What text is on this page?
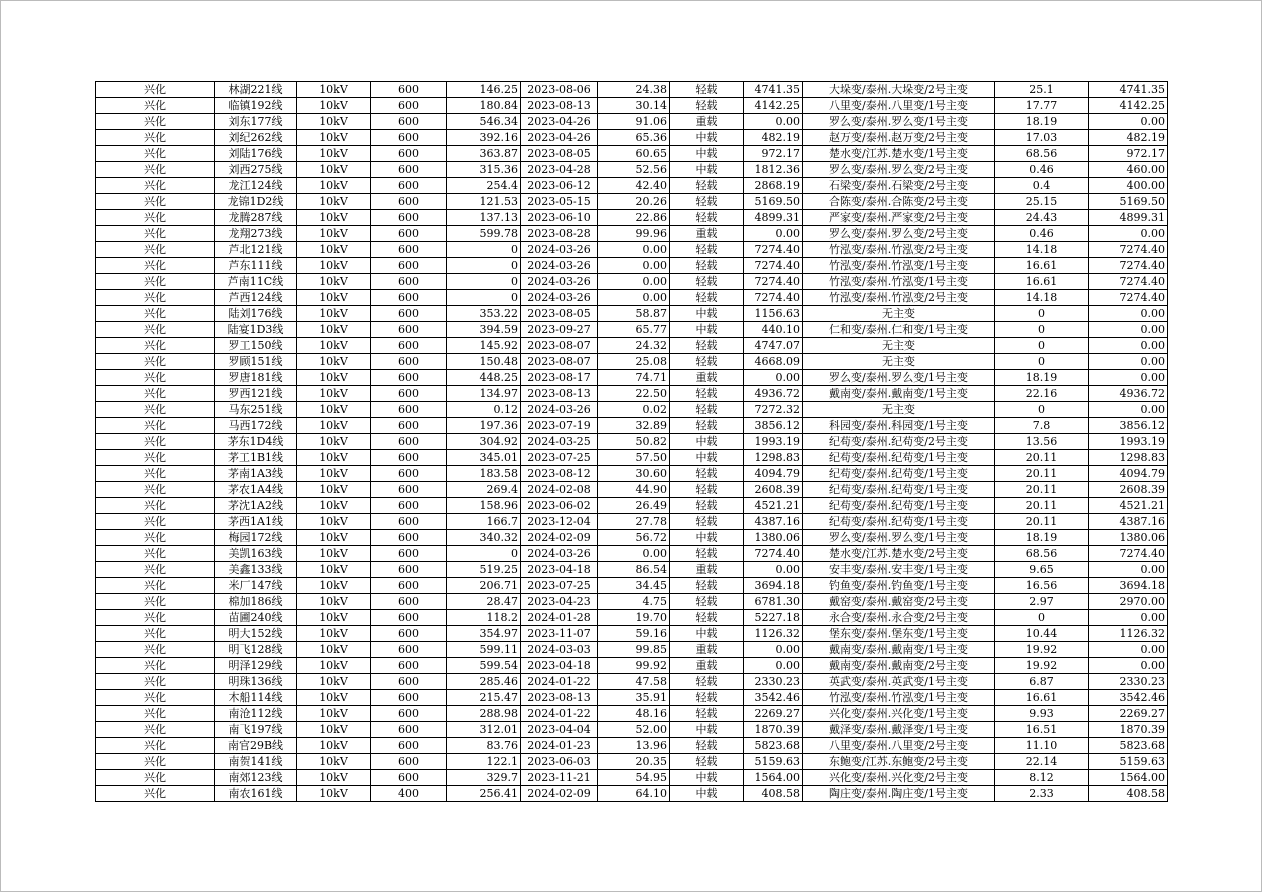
兴化	林湖221线	10kV	600	146.25	2023-08-06	24.38	轻载	4741.35	大垛变/泰州.大垛变/2号主变	25.1	4741.35
兴化	临镇192线	10kV	600	180.84	2023-08-13	30.14	轻载	4142.25	八里变/泰州.八里变/1号主变	17.77	4142.25
兴化	刘东177线	10kV	600	546.34	2023-04-26	91.06	重载	0.00	罗么变/泰州.罗么变/1号主变	18.19	0.00
兴化	刘纪262线	10kV	600	392.16	2023-04-26	65.36	中载	482.19	赵万变/泰州.赵万变/2号主变	17.03	482.19
兴化	刘陆176线	10kV	600	363.87	2023-08-05	60.65	中载	972.17	楚水变/江苏.楚水变/1号主变	68.56	972.17
兴化	刘西275线	10kV	600	315.36	2023-04-28	52.56	中载	1812.36	罗么变/泰州.罗么变/2号主变	0.46	460.00
兴化	龙江124线	10kV	600	254.4	2023-06-12	42.40	轻载	2868.19	石梁变/泰州.石梁变/2号主变	0.4	400.00
兴化	龙锦1D2线	10kV	600	121.53	2023-05-15	20.26	轻载	5169.50	合陈变/泰州.合陈变/2号主变	25.15	5169.50
兴化	龙腾287线	10kV	600	137.13	2023-06-10	22.86	轻载	4899.31	严家变/泰州.严家变/2号主变	24.43	4899.31
兴化	龙翔273线	10kV	600	599.78	2023-08-28	99.96	重载	0.00	罗么变/泰州.罗么变/2号主变	0.46	0.00
兴化	芦北121线	10kV	600	0	2024-03-26	0.00	轻载	7274.40	竹泓变/泰州.竹泓变/2号主变	14.18	7274.40
兴化	芦东111线	10kV	600	0	2024-03-26	0.00	轻载	7274.40	竹泓变/泰州.竹泓变/1号主变	16.61	7274.40
兴化	芦南11C线	10kV	600	0	2024-03-26	0.00	轻载	7274.40	竹泓变/泰州.竹泓变/1号主变	16.61	7274.40
兴化	芦西124线	10kV	600	0	2024-03-26	0.00	轻载	7274.40	竹泓变/泰州.竹泓变/2号主变	14.18	7274.40
兴化	陆刘176线	10kV	600	353.22	2023-08-05	58.87	中载	1156.63	无主变	0	0.00
兴化	陆宴1D3线	10kV	600	394.59	2023-09-27	65.77	中载	440.10	仁和变/泰州.仁和变/1号主变	0	0.00
兴化	罗工150线	10kV	600	145.92	2023-08-07	24.32	轻载	4747.07	无主变	0	0.00
兴化	罗顾151线	10kV	600	150.48	2023-08-07	25.08	轻载	4668.09	无主变	0	0.00
兴化	罗唐181线	10kV	600	448.25	2023-08-17	74.71	重载	0.00	罗么变/泰州.罗么变/1号主变	18.19	0.00
兴化	罗西121线	10kV	600	134.97	2023-08-13	22.50	轻载	4936.72	戴南变/泰州.戴南变/1号主变	22.16	4936.72
兴化	马东251线	10kV	600	0.12	2024-03-26	0.02	轻载	7272.32	无主变	0	0.00
兴化	马西172线	10kV	600	197.36	2023-07-19	32.89	轻载	3856.12	科园变/泰州.科园变/1号主变	7.8	3856.12
兴化	茅东1D4线	10kV	600	304.92	2024-03-25	50.82	中载	1993.19	纪苟变/泰州.纪苟变/2号主变	13.56	1993.19
兴化	茅工1B1线	10kV	600	345.01	2023-07-25	57.50	中载	1298.83	纪苟变/泰州.纪苟变/1号主变	20.11	1298.83
兴化	茅南1A3线	10kV	600	183.58	2023-08-12	30.60	轻载	4094.79	纪苟变/泰州.纪苟变/1号主变	20.11	4094.79
兴化	茅农1A4线	10kV	600	269.4	2024-02-08	44.90	轻载	2608.39	纪苟变/泰州.纪苟变/1号主变	20.11	2608.39
兴化	茅沈1A2线	10kV	600	158.96	2023-06-02	26.49	轻载	4521.21	纪苟变/泰州.纪苟变/1号主变	20.11	4521.21
兴化	茅西1A1线	10kV	600	166.7	2023-12-04	27.78	轻载	4387.16	纪苟变/泰州.纪苟变/1号主变	20.11	4387.16
兴化	梅园172线	10kV	600	340.32	2024-02-09	56.72	中载	1380.06	罗么变/泰州.罗么变/1号主变	18.19	1380.06
兴化	美凯163线	10kV	600	0	2024-03-26	0.00	轻载	7274.40	楚水变/江苏.楚水变/2号主变	68.56	7274.40
兴化	美鑫133线	10kV	600	519.25	2023-04-18	86.54	重载	0.00	安丰变/泰州.安丰变/1号主变	9.65	0.00
兴化	米厂147线	10kV	600	206.71	2023-07-25	34.45	轻载	3694.18	钓鱼变/泰州.钓鱼变/1号主变	16.56	3694.18
兴化	棉加186线	10kV	600	28.47	2023-04-23	4.75	轻载	6781.30	戴窑变/泰州.戴窑变/2号主变	2.97	2970.00
兴化	苗圃240线	10kV	600	118.2	2024-01-28	19.70	轻载	5227.18	永合变/泰州.永合变/2号主变	0	0.00
兴化	明大152线	10kV	600	354.97	2023-11-07	59.16	中载	1126.32	堡东变/泰州.堡东变/1号主变	10.44	1126.32
兴化	明飞128线	10kV	600	599.11	2024-03-03	99.85	重载	0.00	戴南变/泰州.戴南变/1号主变	19.92	0.00
兴化	明泽129线	10kV	600	599.54	2023-04-18	99.92	重载	0.00	戴南变/泰州.戴南变/2号主变	19.92	0.00
兴化	明珠136线	10kV	600	285.46	2024-01-22	47.58	轻载	2330.23	英武变/泰州.英武变/1号主变	6.87	2330.23
兴化	木船114线	10kV	600	215.47	2023-08-13	35.91	轻载	3542.46	竹泓变/泰州.竹泓变/1号主变	16.61	3542.46
兴化	南沧112线	10kV	600	288.98	2024-01-22	48.16	轻载	2269.27	兴化变/泰州.兴化变/1号主变	9.93	2269.27
兴化	南飞197线	10kV	600	312.01	2023-04-04	52.00	中载	1870.39	戴泽变/泰州.戴泽变/1号主变	16.51	1870.39
兴化	南官29B线	10kV	600	83.76	2024-01-23	13.96	轻载	5823.68	八里变/泰州.八里变/2号主变	11.10	5823.68
兴化	南贺141线	10kV	600	122.1	2023-06-03	20.35	轻载	5159.63	东鲍变/江苏.东鲍变/2号主变	22.14	5159.63
兴化	南郊123线	10kV	600	329.7	2023-11-21	54.95	中载	1564.00	兴化变/泰州.兴化变/2号主变	8.12	1564.00
兴化	南农161线	10kV	400	256.41	2024-02-09	64.10	中载	408.58	陶庄变/泰州.陶庄变/1号主变	2.33	408.58
